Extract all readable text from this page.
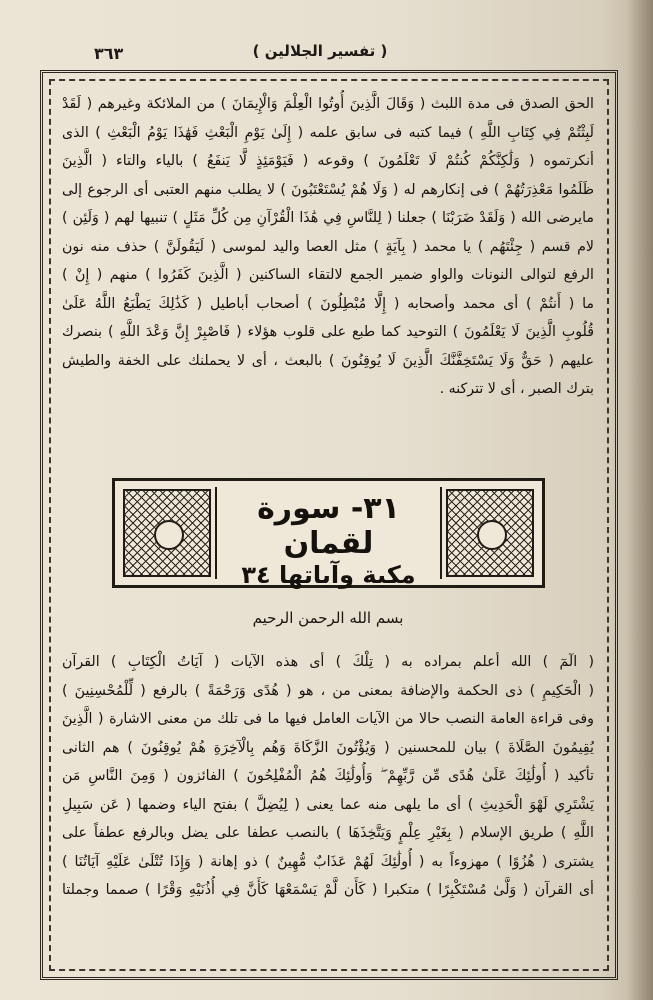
٣٦٣	( تفسير الجلالين )
الحق الصدق فى مدة اللبث ( وَقَالَ الَّذِينَ أُوتُوا الْعِلْمَ وَالْإِيمَانَ ) من الملائكة وغيرهم ( لَقَدْ
لَبِثْتُمْ فِي كِتَابِ اللَّهِ ) فيما كتبه فى سابق علمه ( إِلَىٰ يَوْمِ الْبَعْثِ فَهَٰذَا يَوْمُ الْبَعْثِ ) الذى
أنكرتموه ( وَلَٰكِنَّكُمْ كُنتُمْ لَا تَعْلَمُونَ ) وقوعه ( فَيَوْمَئِذٍ لَّا يَنفَعُ ) بالياء والتاء ( الَّذِينَ
ظَلَمُوا مَعْذِرَتُهُمْ ) فى إنكارهم له ( وَلَا هُمْ يُسْتَعْتَبُونَ ) لا يطلب منهم العتبى أى الرجوع إلى
مايرضى الله ( وَلَقَدْ ضَرَبْنَا ) جعلنا ( لِلنَّاسِ فِي هَٰذَا الْقُرْآنِ مِن كُلِّ مَثَلٍ ) تنبيها لهم ( وَلَئِن )
لام قسم ( جِئْتَهُم ) يا محمد ( بِآيَةٍ ) مثل العصا واليد لموسى ( لَيَقُولَنَّ ) حذف منه نون
الرفع لتوالى النونات والواو ضمير الجمع لالتقاء الساكنين ( الَّذِينَ كَفَرُوا ) منهم ( إِنْ )
ما ( أَنتُمْ ) أى محمد وأصحابه ( إِلَّا مُبْطِلُونَ ) أصحاب أباطيل ( كَذَٰلِكَ يَطْبَعُ اللَّهُ عَلَىٰ
قُلُوبِ الَّذِينَ لَا يَعْلَمُونَ ) التوحيد كما طبع على قلوب هؤلاء ( فَاصْبِرْ إِنَّ وَعْدَ اللَّهِ ) بنصرك
عليهم ( حَقٌّ وَلَا يَسْتَخِفَّنَّكَ الَّذِينَ لَا يُوقِنُونَ ) بالبعث ، أى لا يحملنك على الخفة والطيش
بترك الصبر ، أى لا تتركنه .
٣١- سورة لقمان
مكية وآياتها ٣٤
بسم الله الرحمن الرحيم
( الٓمٓ ) الله أعلم بمراده به ( تِلْكَ ) أى هذه الآيات ( آيَاتُ الْكِتَابِ ) القرآن
( الْحَكِيمِ ) ذى الحكمة والإضافة بمعنى من ، هو ( هُدًى وَرَحْمَةً ) بالرفع ( لِّلْمُحْسِنِينَ )
وفى قراءة العامة النصب حالا من الآيات العامل فيها ما فى تلك من معنى الاشارة ( الَّذِينَ
يُقِيمُونَ الصَّلَاةَ ) بيان للمحسنين ( وَيُؤْتُونَ الزَّكَاةَ وَهُم بِالْآخِرَةِ هُمْ يُوقِنُونَ ) هم الثانى
تأكيد ( أُولَٰئِكَ عَلَىٰ هُدًى مِّن رَّبِّهِمْ ۖ وَأُولَٰئِكَ هُمُ الْمُفْلِحُونَ ) الفائزون ( وَمِنَ النَّاسِ مَن
يَشْتَرِي لَهْوَ الْحَدِيثِ ) أى ما يلهى منه عما يعنى ( لِيُضِلَّ ) بفتح الياء وضمها ( عَن سَبِيلِ
اللَّهِ ) طريق الإسلام ( بِغَيْرِ عِلْمٍ وَيَتَّخِذَهَا ) بالنصب عطفا على يضل وبالرفع عطفاً على
يشترى ( هُزُوًا ) مهزوءاً به ( أُولَٰئِكَ لَهُمْ عَذَابٌ مُّهِينٌ ) ذو إهانة ( وَإِذَا تُتْلَىٰ عَلَيْهِ آيَاتُنَا )
أى القرآن ( وَلَّىٰ مُسْتَكْبِرًا ) متكبرا ( كَأَن لَّمْ يَسْمَعْهَا كَأَنَّ فِي أُذُنَيْهِ وَقْرًا ) صمما وجملتا
